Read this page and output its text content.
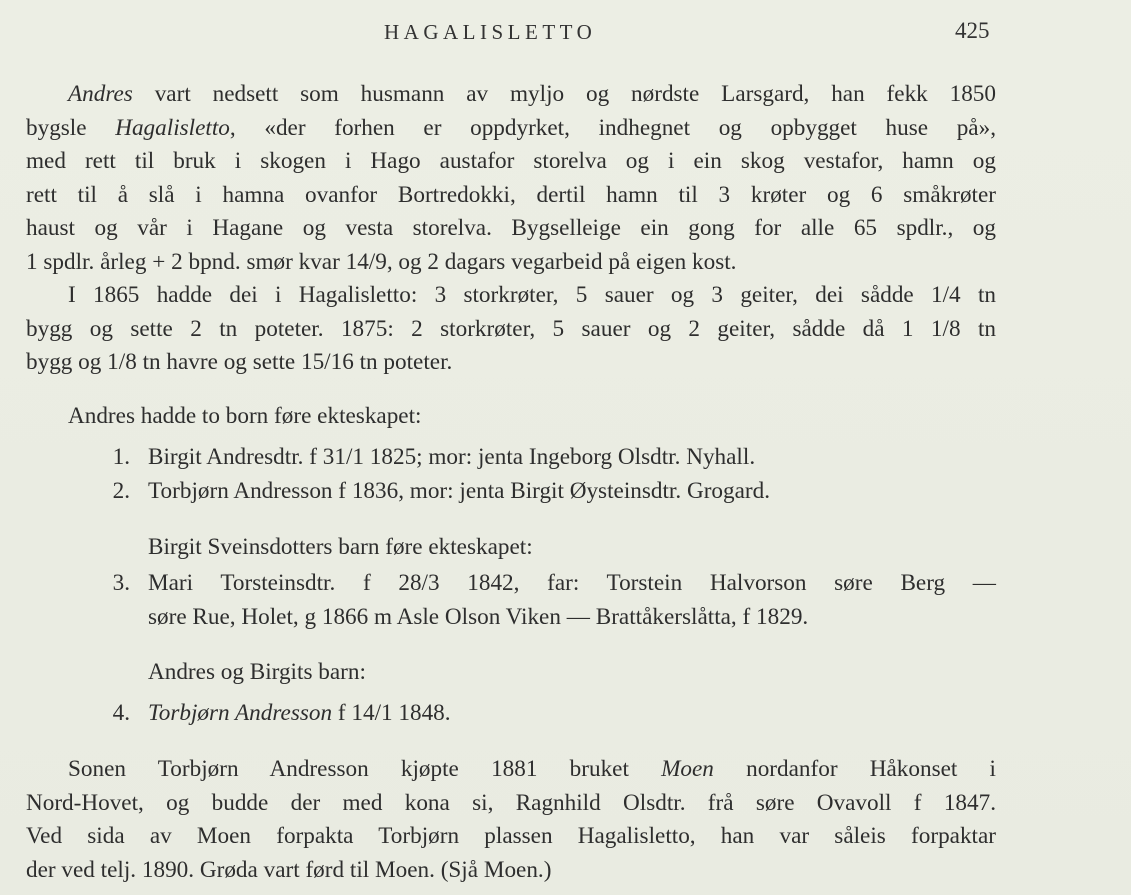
HAGALISLETTO	425
Andres vart nedsett som husmann av myljo og nørdste Larsgard, han fekk 1850
bygsle Hagalisletto, «der forhen er oppdyrket, indhegnet og opbygget huse på»,
med rett til bruk i skogen i Hago austafor storelva og i ein skog vestafor, hamn og
rett til å slå i hamna ovanfor Bortredokki, dertil hamn til 3 krøter og 6 småkrøter
haust og vår i Hagane og vesta storelva. Bygselleige ein gong for alle 65 spdlr., og
1 spdlr. årleg + 2 bpnd. smør kvar 14/9, og 2 dagars vegarbeid på eigen kost.
I 1865 hadde dei i Hagalisletto: 3 storkrøter, 5 sauer og 3 geiter, dei sådde 1/4 tn
bygg og sette 2 tn poteter. 1875: 2 storkrøter, 5 sauer og 2 geiter, sådde då 1 1/8 tn
bygg og 1/8 tn havre og sette 15/16 tn poteter.
Andres hadde to born føre ekteskapet:
1. Birgit Andresdtr. f 31/1 1825; mor: jenta Ingeborg Olsdtr. Nyhall.
2. Torbjørn Andresson f 1836, mor: jenta Birgit Øysteinsdtr. Grogard.
Birgit Sveinsdotters barn føre ekteskapet:
3. Mari Torsteinsdtr. f 28/3 1842, far: Torstein Halvorson søre Berg —
søre Rue, Holet, g 1866 m Asle Olson Viken — Brattåkerslåtta, f 1829.
Andres og Birgits barn:
4. Torbjørn Andresson f 14/1 1848.
Sonen Torbjørn Andresson kjøpte 1881 bruket Moen nordanfor Håkonset i
Nord-Hovet, og budde der med kona si, Ragnhild Olsdtr. frå søre Ovavoll f 1847.
Ved sida av Moen forpakta Torbjørn plassen Hagalisletto, han var såleis forpaktar
der ved telj. 1890. Grøda vart førd til Moen. (Sjå Moen.)
